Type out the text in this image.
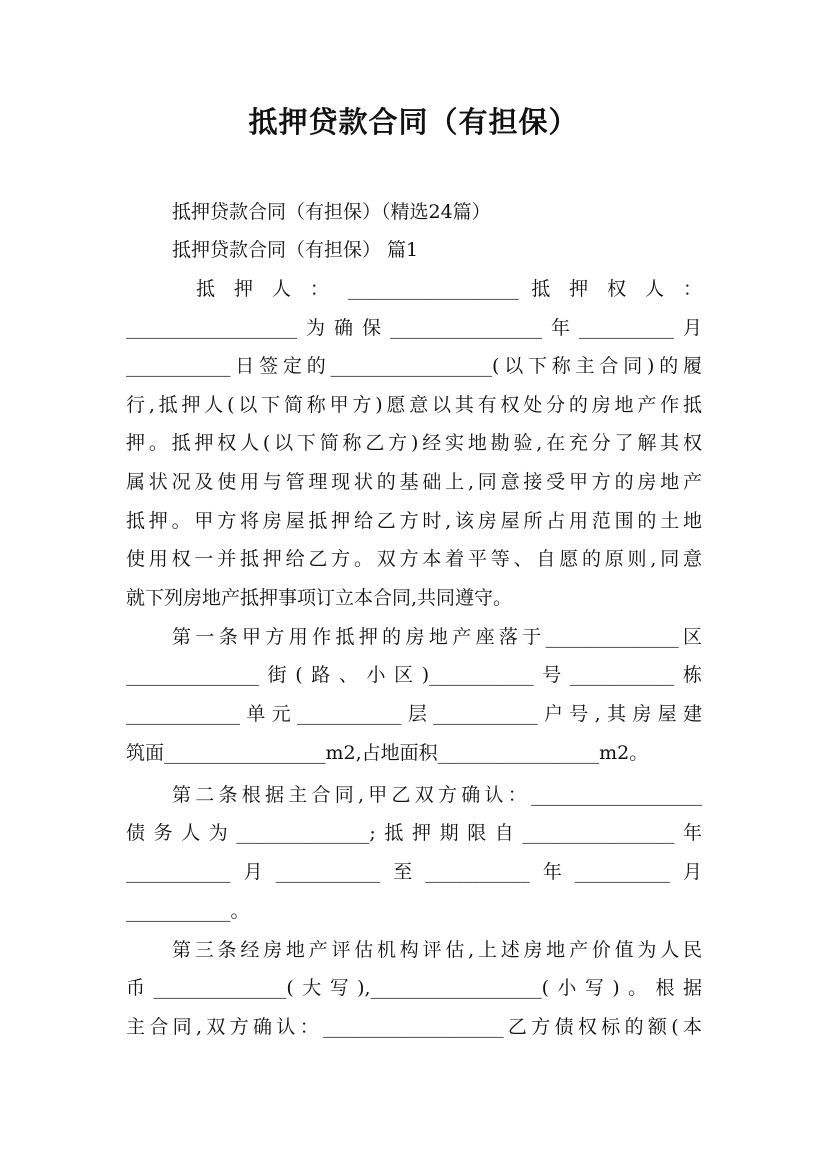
抵押贷款合同（有担保）
抵押贷款合同（有担保）（精选24篇）
抵押贷款合同（有担保） 篇1
抵 押 人 ： __________________ 抵 押 权 人 ：
__________________为确保________________年__________月
___________日签定的_________________(以下称主合同)的履
行,抵押人(以下简称甲方)愿意以其有权处分的房地产作抵
押。抵押权人(以下简称乙方)经实地勘验,在充分了解其权
属状况及使用与管理现状的基础上,同意接受甲方的房地产
抵押。甲方将房屋抵押给乙方时,该房屋所占用范围的土地
使用权一并抵押给乙方。双方本着平等、自愿的原则,同意
就下列房地产抵押事项订立本合同,共同遵守。
第一条甲方用作抵押的房地产座落于______________区
______________街(路、小区)___________号___________栋
____________单元___________层___________户号,其房屋建
筑面_________________m2,占地面积_________________m2。
第二条根据主合同,甲乙双方确认：__________________
债务人为______________;抵押期限自________________年
___________月___________至___________年__________月
___________。
第三条经房地产评估机构评估,上述房地产价值为人民
币______________(大写),__________________(小写)。根据
主合同,双方确认：___________________乙方债权标的额(本
